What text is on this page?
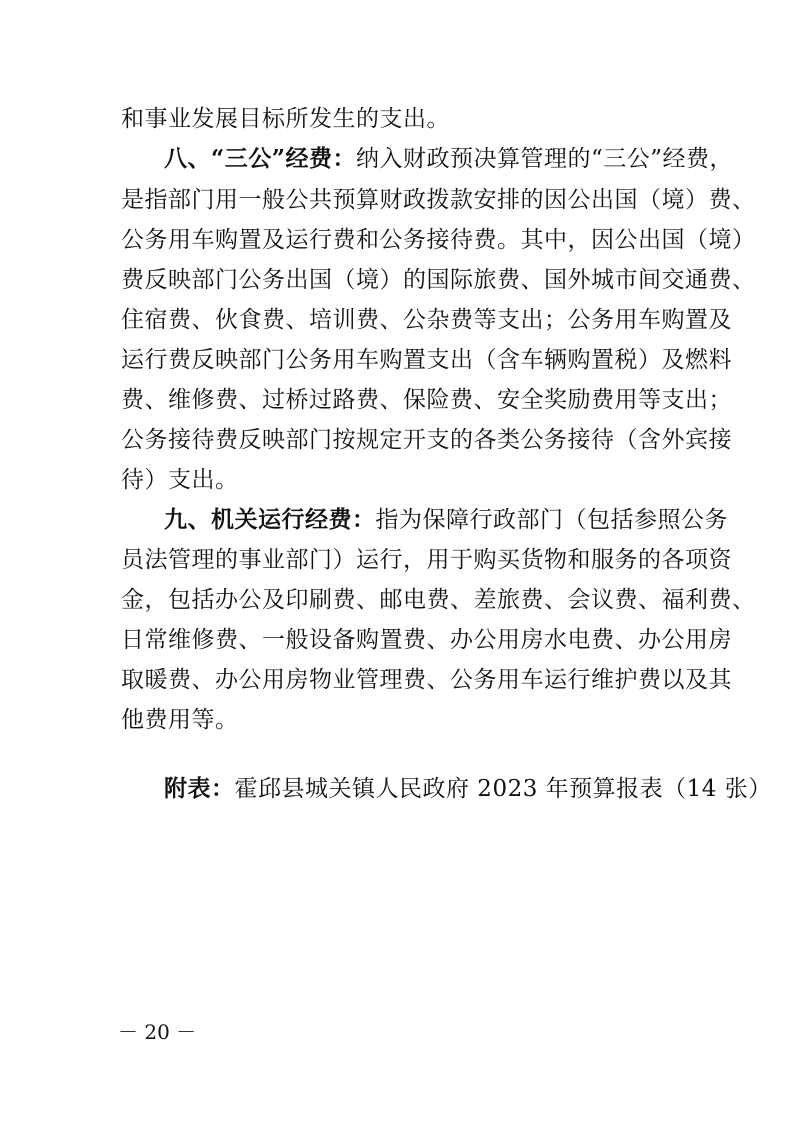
和事业发展目标所发生的支出。
八、“三公”经费：纳入财政预决算管理的“三公”经费，
是指部门用一般公共预算财政拨款安排的因公出国（境）费、
公务用车购置及运行费和公务接待费。其中，因公出国（境）
费反映部门公务出国（境）的国际旅费、国外城市间交通费、
住宿费、伙食费、培训费、公杂费等支出；公务用车购置及
运行费反映部门公务用车购置支出（含车辆购置税）及燃料
费、维修费、过桥过路费、保险费、安全奖励费用等支出；
公务接待费反映部门按规定开支的各类公务接待（含外宾接
待）支出。
九、机关运行经费：指为保障行政部门（包括参照公务
员法管理的事业部门）运行，用于购买货物和服务的各项资
金，包括办公及印刷费、邮电费、差旅费、会议费、福利费、
日常维修费、一般设备购置费、办公用房水电费、办公用房
取暖费、办公用房物业管理费、公务用车运行维护费以及其
他费用等。
附表：霍邱县城关镇人民政府 2023 年预算报表（14 张）
－ 20 －
